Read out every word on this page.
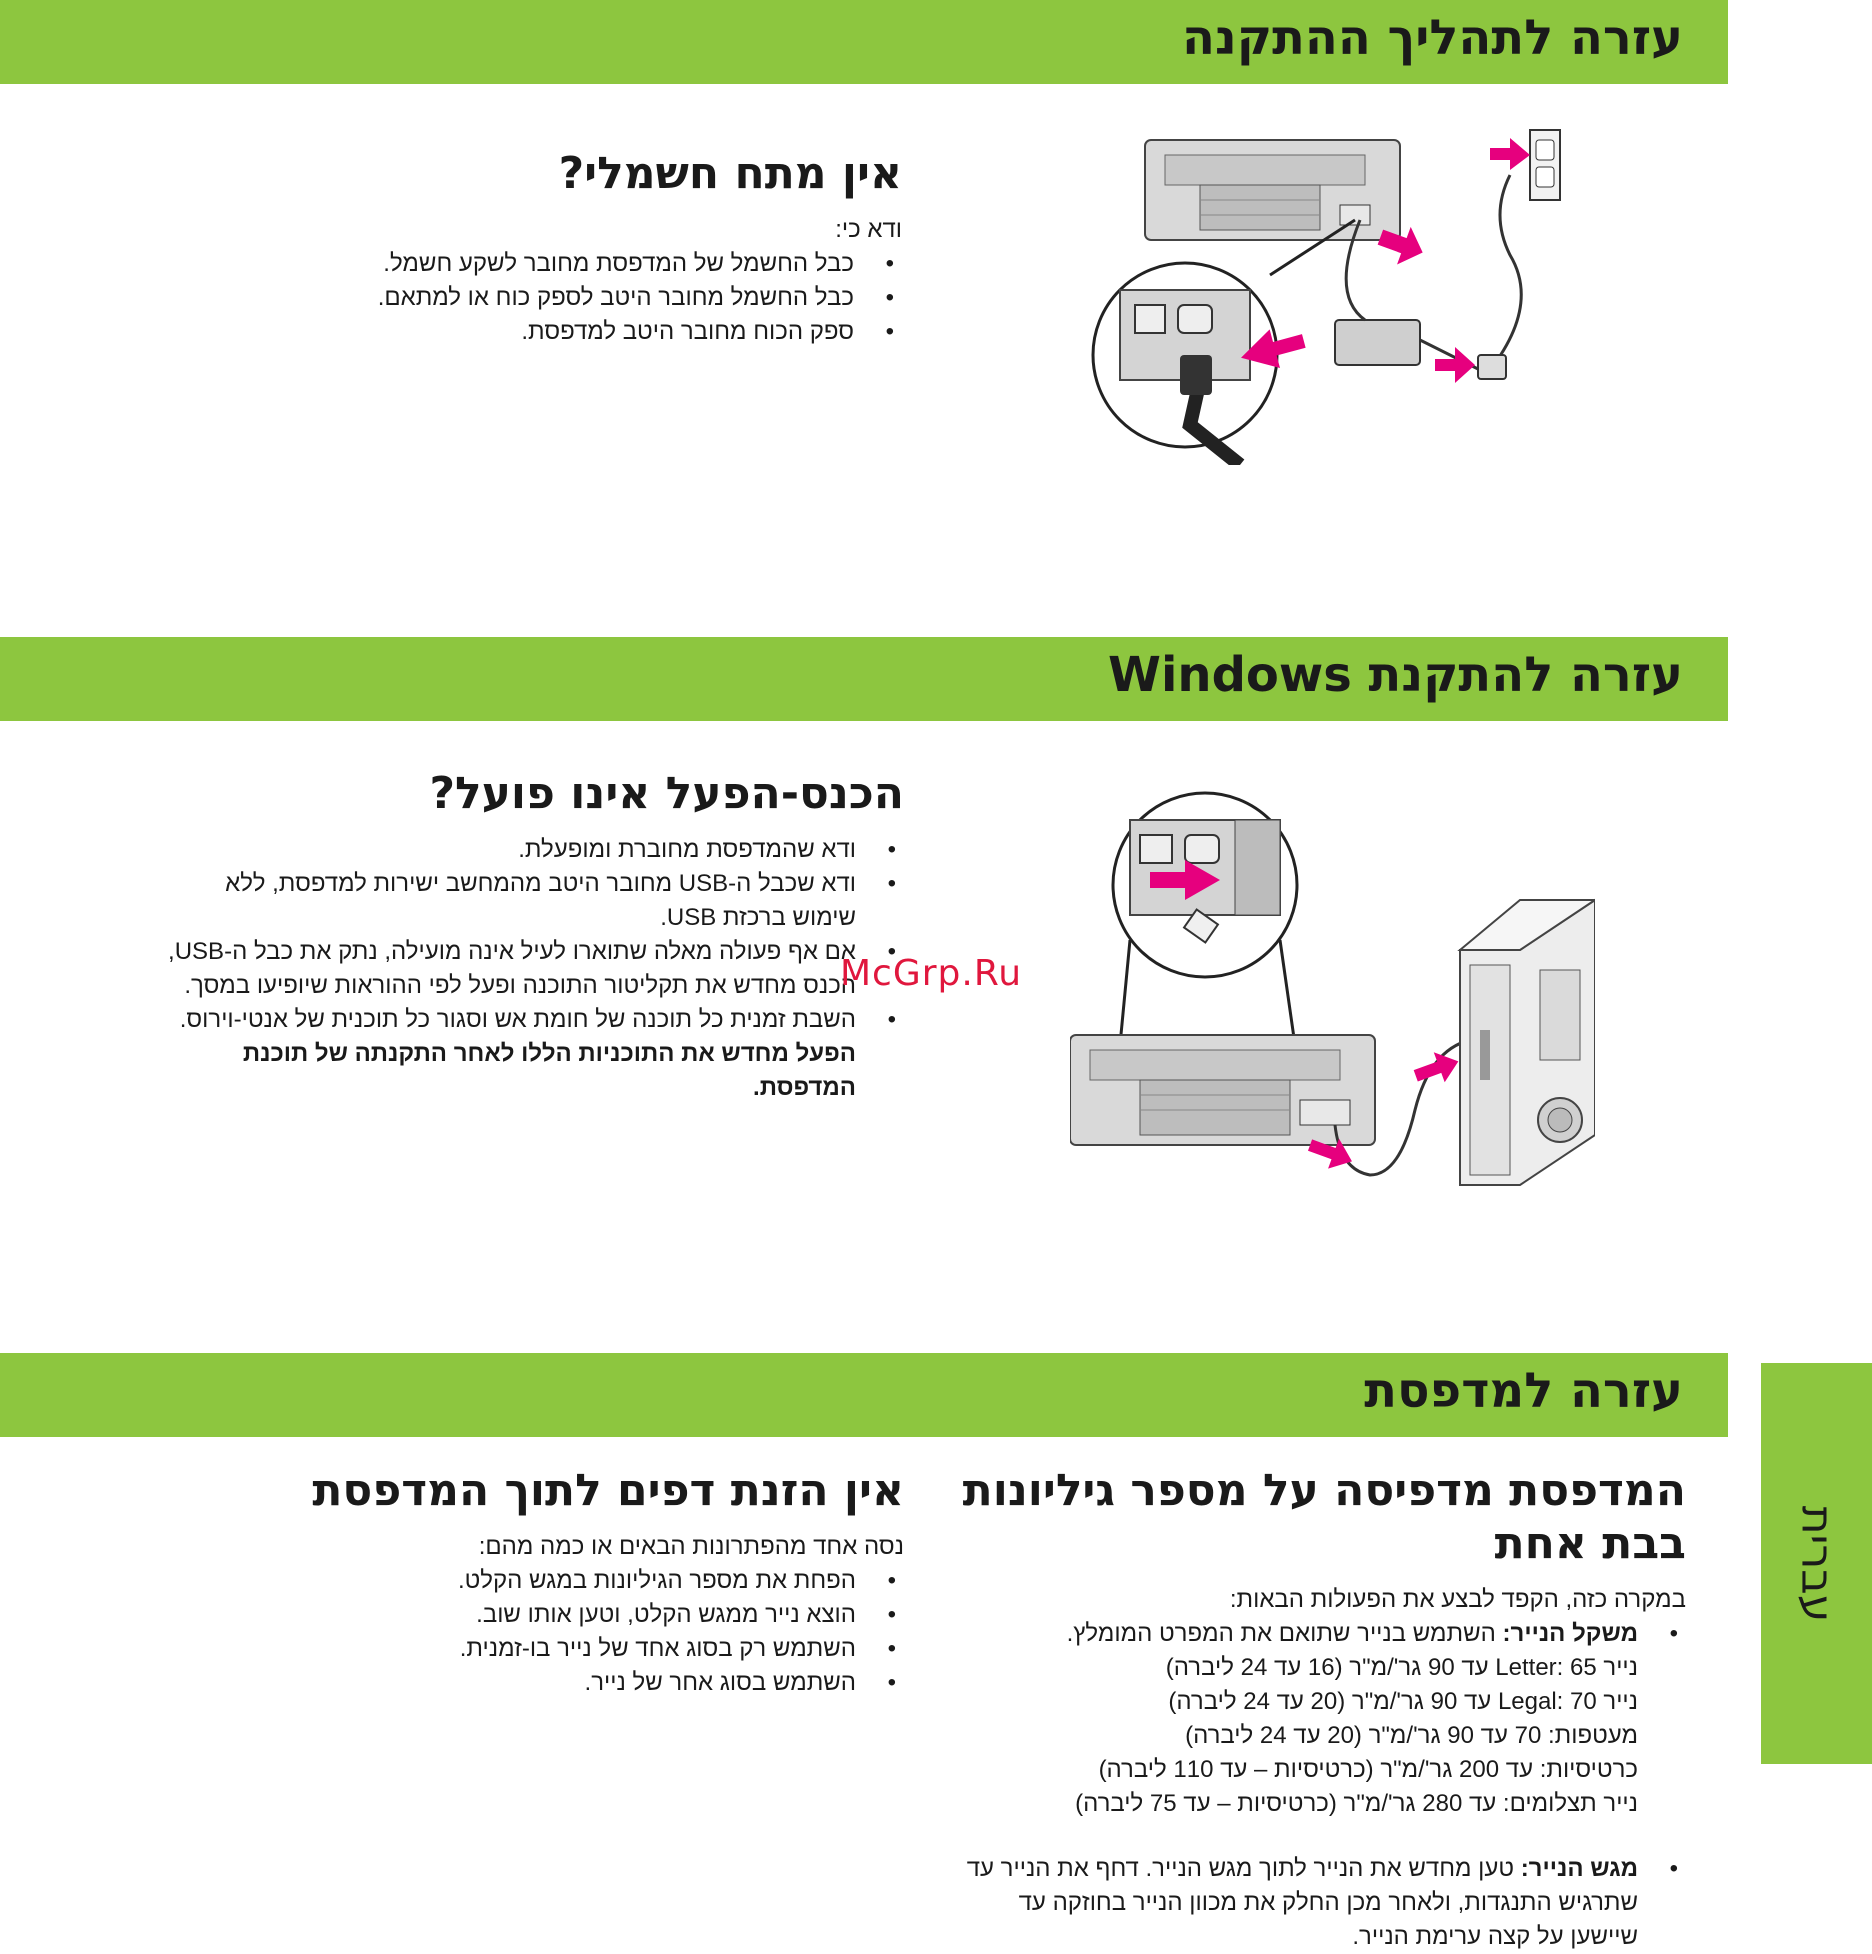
עזרה לתהליך ההתקנה
עזרה להתקנת Windows
עזרה למדפסת
עברית
אין מתח חשמלי?

ודא כי:

• כבל החשמל של המדפסת מחובר לשקע חשמל.
• כבל החשמל מחובר היטב לספק כוח או למתאם.
• ספק הכוח מחובר היטב למדפסת.
הכנס-הפעל אינו פועל?
• ודא שהמדפסת מחוברת ומופעלת.
• ודא שכבל ה-USB מחובר היטב מהמחשב ישירות למדפסת, ללא שימוש ברכזת USB.
• אם אף פעולה מאלה שתוארו לעיל אינה מועילה, נתק את כבל ה-USB, הכנס מחדש את תקליטור התוכנה ופעל לפי ההוראות שיופיעו במסך.
• השבת זמנית כל תוכנה של חומת אש וסגור כל תוכנית של אנטי-וירוס. הפעל מחדש את התוכניות הללו לאחר התקנתה של תוכנת המדפסת.
McGrp.Ru
המדפסת מדפיסה על מספר גיליונות בבת אחת

במקרה כזה, הקפד לבצע את הפעולות הבאות:

• משקל הנייר: השתמש בנייר שתואם את המפרט המומלץ.
נייר Letter: 65 עד 90 גר'/מ"ר (16 עד 24 ליברה)
נייר Legal: 70 עד 90 גר'/מ"ר (20 עד 24 ליברה)
מעטפות: 70 עד 90 גר'/מ"ר (20 עד 24 ליברה)
כרטיסיות: עד 200 גר'/מ"ר (כרטיסיות – עד 110 ליברה)
נייר תצלומים: עד 280 גר'/מ"ר (כרטיסיות – עד 75 ליברה)
• מגש הנייר: טען מחדש את הנייר לתוך מגש הנייר. דחף את הנייר עד שתרגיש התנגדות, ולאחר מכן החלק את מכוון הנייר בחוזקה עד שיישען על קצה ערימת הנייר.
אין הזנת דפים לתוך המדפסת

נסה אחד מהפתרונות הבאים או כמה מהם:

• הפחת את מספר הגיליונות במגש הקלט.
• הוצא נייר ממגש הקלט, וטען אותו שוב.
• השתמש רק בסוג אחד של נייר בו-זמנית.
• השתמש בסוג אחר של נייר.
